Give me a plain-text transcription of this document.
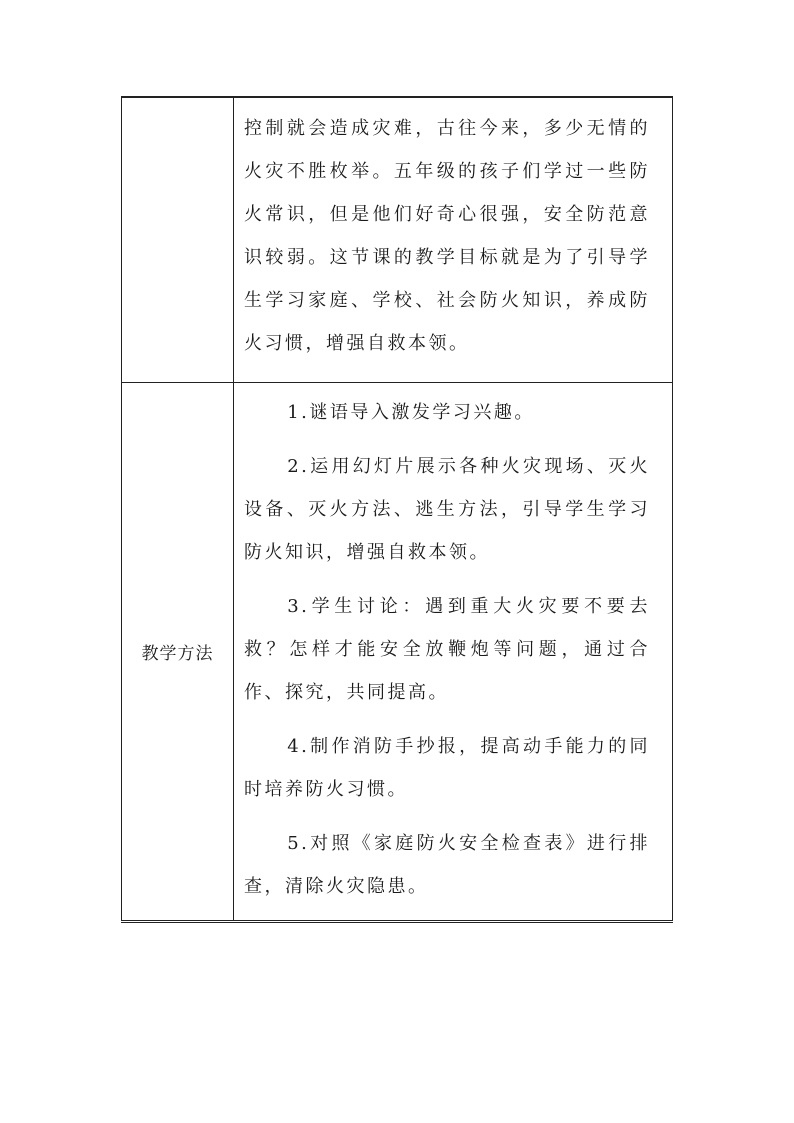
	控制就会造成灾难，古往今来，多少无情的火灾不胜枚举。五年级的孩子们学过一些防火常识，但是他们好奇心很强，安全防范意识较弱。这节课的教学目标就是为了引导学生学习家庭、学校、社会防火知识，养成防火习惯，增强自救本领。
教学方法	1.谜语导入激发学习兴趣。

2.运用幻灯片展示各种火灾现场、灭火设备、灭火方法、逃生方法，引导学生学习防火知识，增强自救本领。

3.学生讨论：遇到重大火灾要不要去救？怎样才能安全放鞭炮等问题，通过合作、探究，共同提高。

4.制作消防手抄报，提高动手能力的同时培养防火习惯。

5.对照《家庭防火安全检查表》进行排查，清除火灾隐患。
